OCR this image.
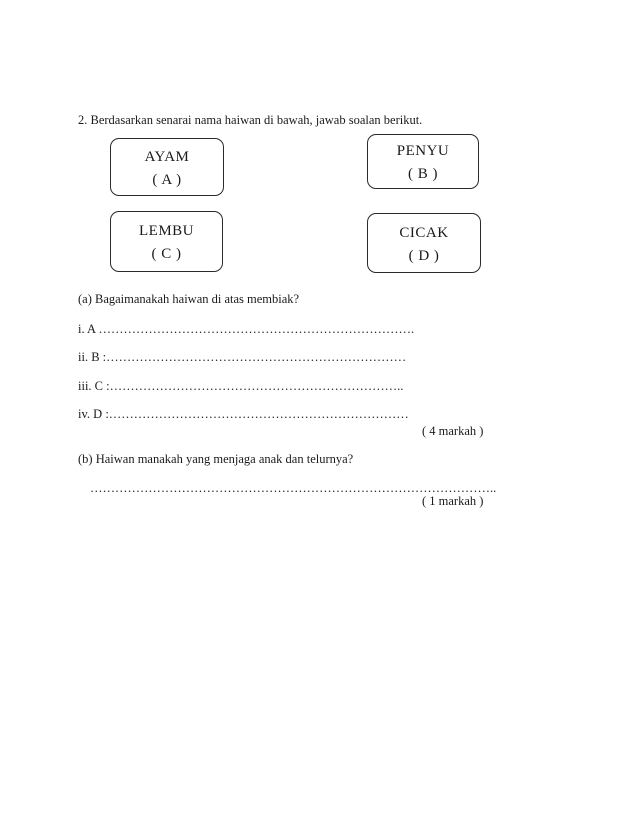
2. Berdasarkan senarai nama haiwan di bawah, jawab soalan berikut.
AYAM
( A )
PENYU
( B )
LEMBU
( C )
CICAK
( D )
(a) Bagaimanakah haiwan di atas membiak?
i. A ………………………………………………………………….
ii. B :………………………………………………………………
iii. C :……………………………………………………………..
iv. D :………………………………………………………………
( 4 markah )
(b) Haiwan manakah yang menjaga anak dan telurnya?
……………………………………………………………………………………..
( 1 markah )
